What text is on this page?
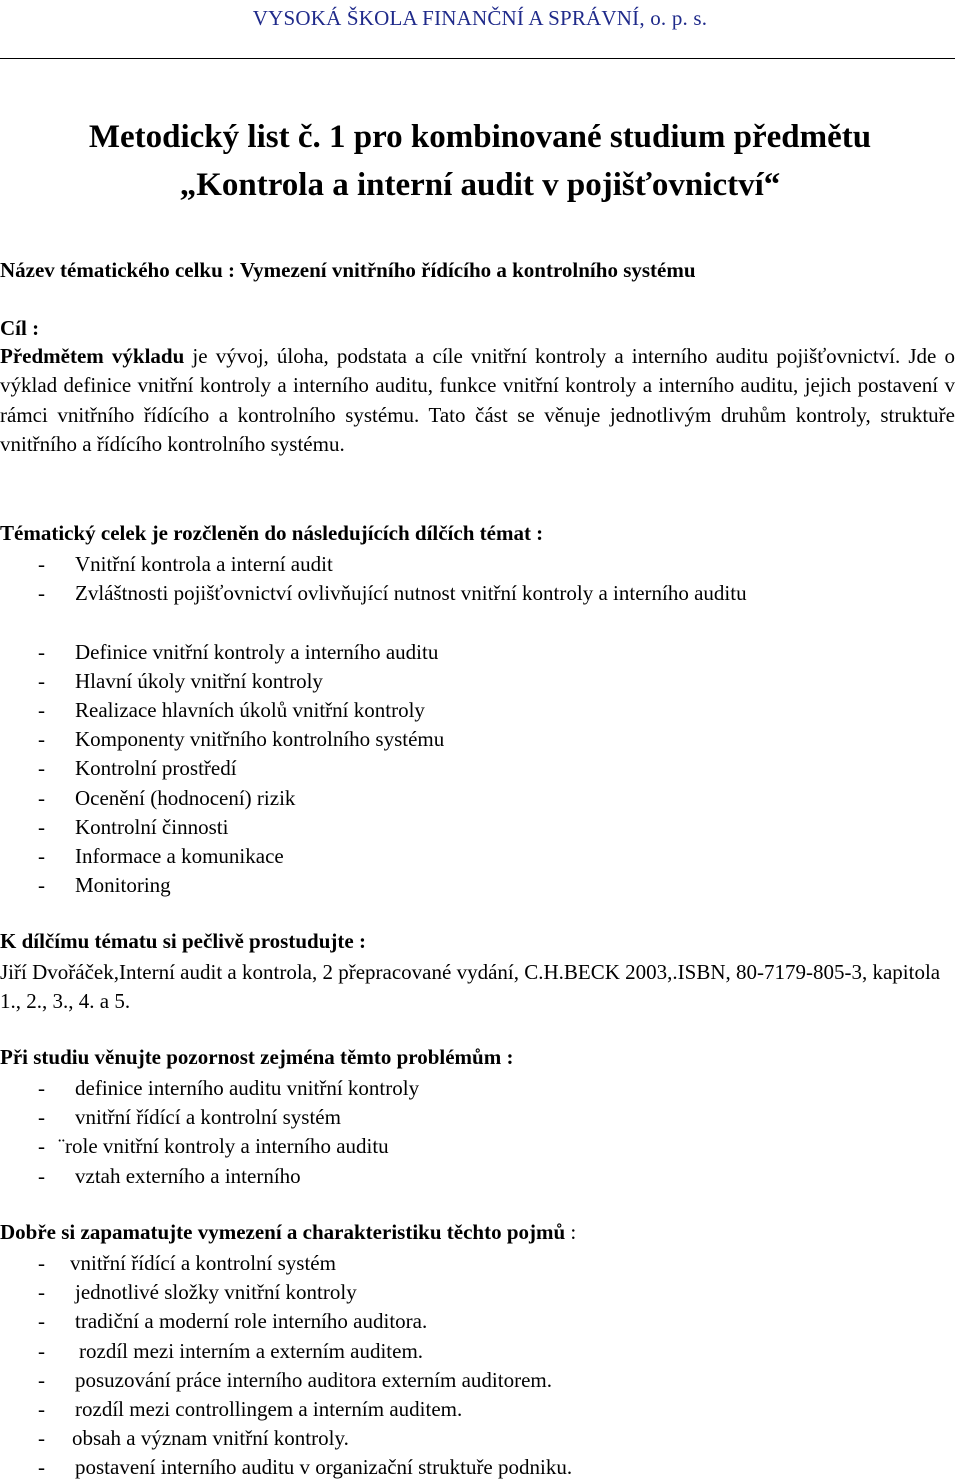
VYSOKÁ ŠKOLA FINANČNÍ A SPRÁVNÍ, o. p. s.
Metodický list č. 1 pro kombinované studium předmětu
„Kontrola a interní audit v pojišťovnictví“
Název tématického celku : Vymezení vnitřního řídícího a kontrolního systému
Cíl :
Předmětem výkladu je vývoj, úloha, podstata a cíle vnitřní kontroly a interního auditu pojišťovnictví. Jde o výklad definice vnitřní kontroly a interního auditu, funkce vnitřní kontroly a interního auditu, jejich postavení v rámci vnitřního řídícího a kontrolního systému. Tato část se věnuje jednotlivým druhům kontroly, struktuře vnitřního a řídícího kontrolního systému.
Tématický celek je rozčleněn do následujících dílčích témat :
- Vnitřní kontrola a interní audit
- Zvláštnosti pojišťovnictví ovlivňující nutnost vnitřní kontroly a interního auditu
- Definice vnitřní kontroly a interního auditu
- Hlavní úkoly vnitřní kontroly
- Realizace hlavních úkolů vnitřní kontroly
- Komponenty vnitřního kontrolního systému
- Kontrolní prostředí
- Ocenění (hodnocení) rizik
- Kontrolní činnosti
- Informace a komunikace
- Monitoring
K dílčímu tématu si pečlivě prostudujte :
Jiří Dvořáček,Interní audit a kontrola, 2 přepracované vydání, C.H.BECK 2003,.ISBN, 80-7179-805-3, kapitola 1., 2., 3., 4. a 5.
Při studiu věnujte pozornost zejména těmto problémům :
- definice interního auditu vnitřní kontroly
- vnitřní řídící a kontrolní systém
- ¨role vnitřní kontroly a interního auditu
- vztah externího a interního
Dobře si zapamatujte vymezení a charakteristiku těchto pojmů :
- vnitřní řídící a kontrolní systém
- jednotlivé složky vnitřní kontroly
- tradiční a moderní role interního auditora.
- rozdíl mezi interním a externím auditem.
- posuzování práce interního auditora externím auditorem.
- rozdíl mezi controllingem a interním auditem.
- obsah a význam vnitřní kontroly.
- postavení interního auditu v organizační struktuře podniku.
